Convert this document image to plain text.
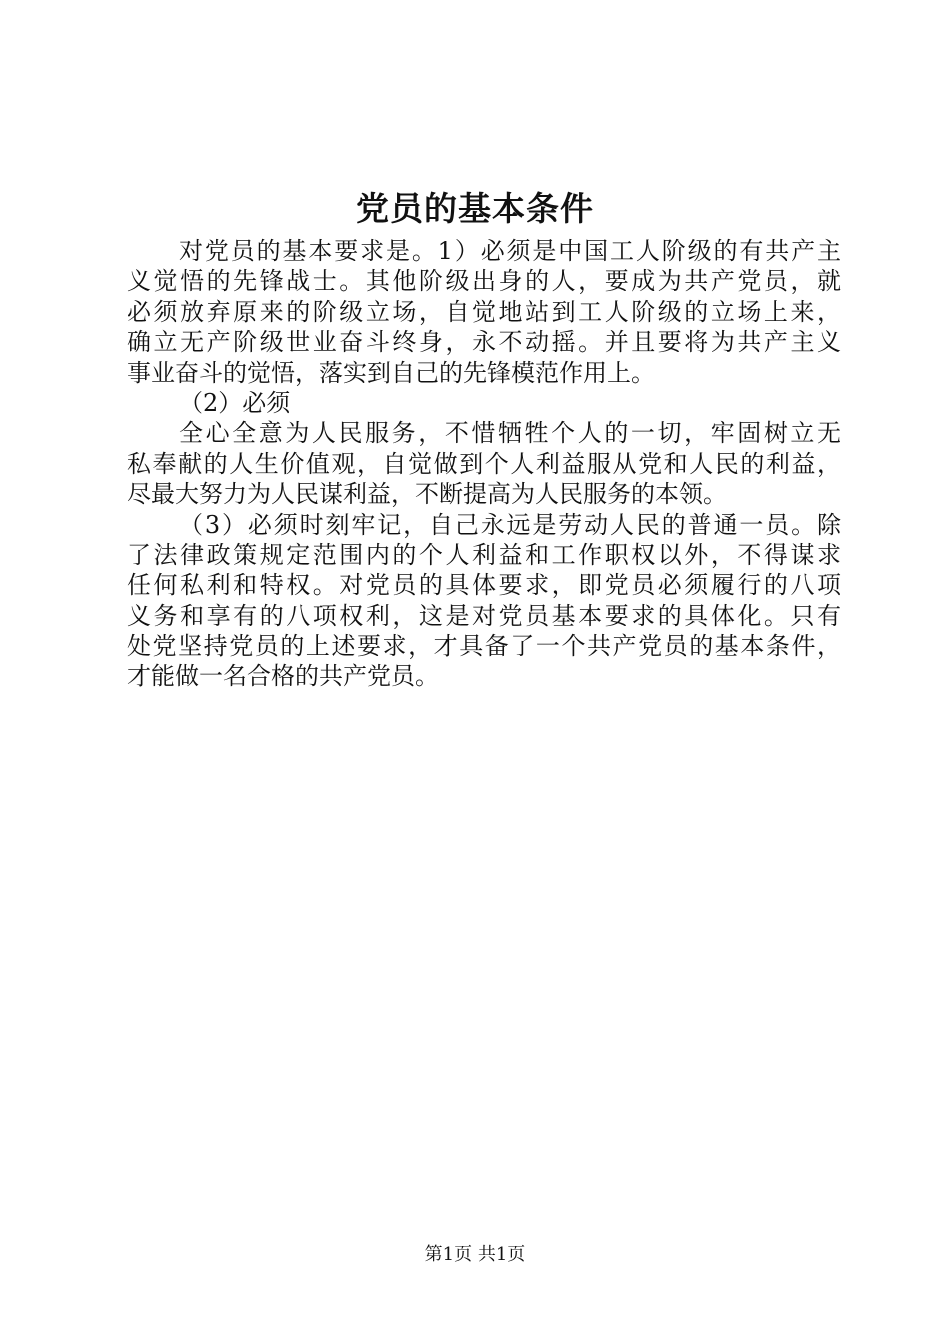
党员的基本条件
对党员的基本要求是。1）必须是中国工人阶级的有共产主
义觉悟的先锋战士。其他阶级出身的人，要成为共产党员，就
必须放弃原来的阶级立场，自觉地站到工人阶级的立场上来，
确立无产阶级世业奋斗终身，永不动摇。并且要将为共产主义
事业奋斗的觉悟，落实到自己的先锋模范作用上。
（2）必须
全心全意为人民服务，不惜牺牲个人的一切，牢固树立无
私奉献的人生价值观，自觉做到个人利益服从党和人民的利益，
尽最大努力为人民谋利益，不断提高为人民服务的本领。
（3）必须时刻牢记，自己永远是劳动人民的普通一员。除
了法律政策规定范围内的个人利益和工作职权以外，不得谋求
任何私利和特权。对党员的具体要求，即党员必须履行的八项
义务和享有的八项权利，这是对党员基本要求的具体化。只有
处党坚持党员的上述要求，才具备了一个共产党员的基本条件，
才能做一名合格的共产党员。
第1页 共1页
